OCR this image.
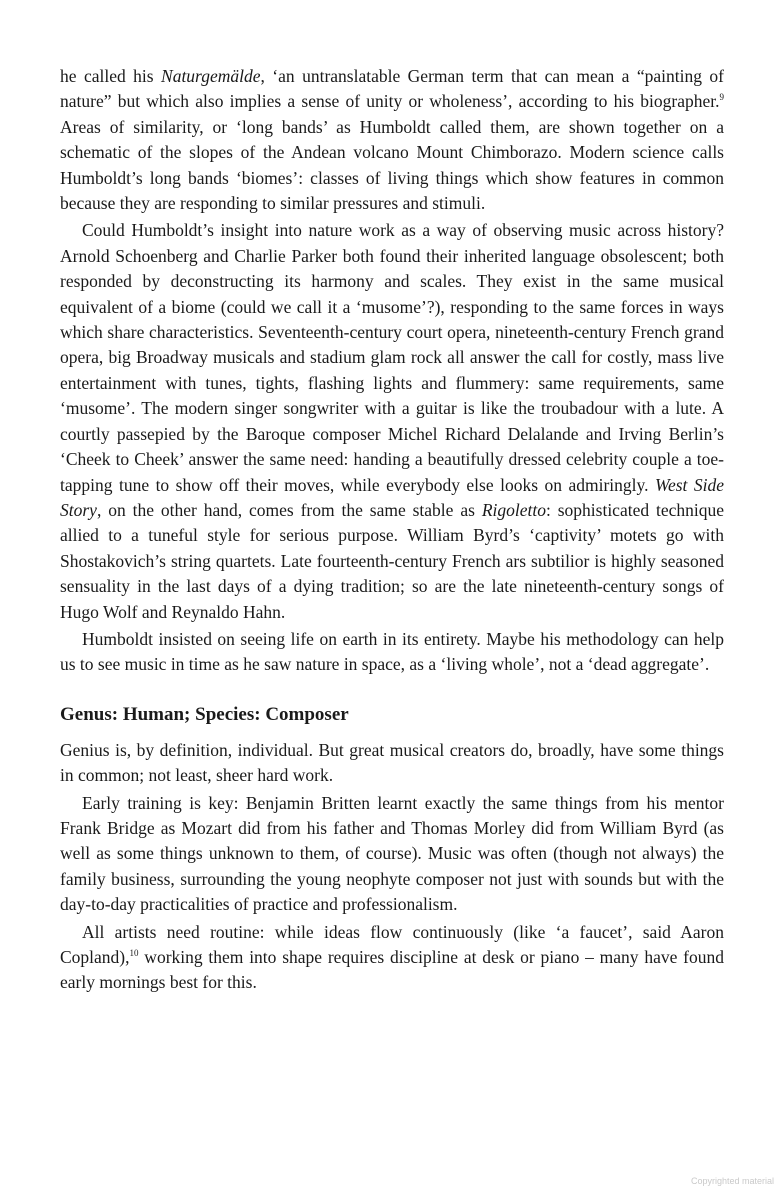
he called his Naturgemälde, ‘an untranslatable German term that can mean a “painting of nature” but which also implies a sense of unity or wholeness’, according to his biographer.$^9$ Areas of similarity, or ‘long bands’ as Humboldt called them, are shown together on a schematic of the slopes of the Andean volcano Mount Chimborazo. Modern science calls Humboldt’s long bands ‘biomes’: classes of living things which show features in common because they are responding to similar pressures and stimuli.

Could Humboldt’s insight into nature work as a way of observing music across history? Arnold Schoenberg and Charlie Parker both found their inherited language obsolescent; both responded by deconstructing its harmony and scales. They exist in the same musical equivalent of a biome (could we call it a ‘musome’?), responding to the same forces in ways which share characteristics. Seventeenth-century court opera, nineteenth-century French grand opera, big Broadway musicals and stadium glam rock all answer the call for costly, mass live entertainment with tunes, tights, flashing lights and flummery: same requirements, same ‘musome’. The modern singer songwriter with a guitar is like the troubadour with a lute. A courtly passepied by the Baroque composer Michel Richard Delalande and Irving Berlin’s ‘Cheek to Cheek’ answer the same need: handing a beautifully dressed celebrity couple a toe-tapping tune to show off their moves, while everybody else looks on admiringly. West Side Story, on the other hand, comes from the same stable as Rigoletto: sophisticated technique allied to a tuneful style for serious purpose. William Byrd’s ‘captivity’ motets go with Shostakovich’s string quartets. Late fourteenth-century French ars subtilior is highly seasoned sensuality in the last days of a dying tradition; so are the late nineteenth-century songs of Hugo Wolf and Reynaldo Hahn.

Humboldt insisted on seeing life on earth in its entirety. Maybe his methodology can help us to see music in time as he saw nature in space, as a ‘living whole’, not a ‘dead aggregate’.

Genus: Human; Species: Composer

Genius is, by definition, individual. But great musical creators do, broadly, have some things in common; not least, sheer hard work.

Early training is key: Benjamin Britten learnt exactly the same things from his mentor Frank Bridge as Mozart did from his father and Thomas Morley did from William Byrd (as well as some things unknown to them, of course). Music was often (though not always) the family business, surrounding the young neophyte composer not just with sounds but with the day-to-day practicalities of practice and professionalism.

All artists need routine: while ideas flow continuously (like ‘a faucet’, said Aaron Copland),$^{10}$ working them into shape requires discipline at desk or piano – many have found early mornings best for this.

Copyrighted material
